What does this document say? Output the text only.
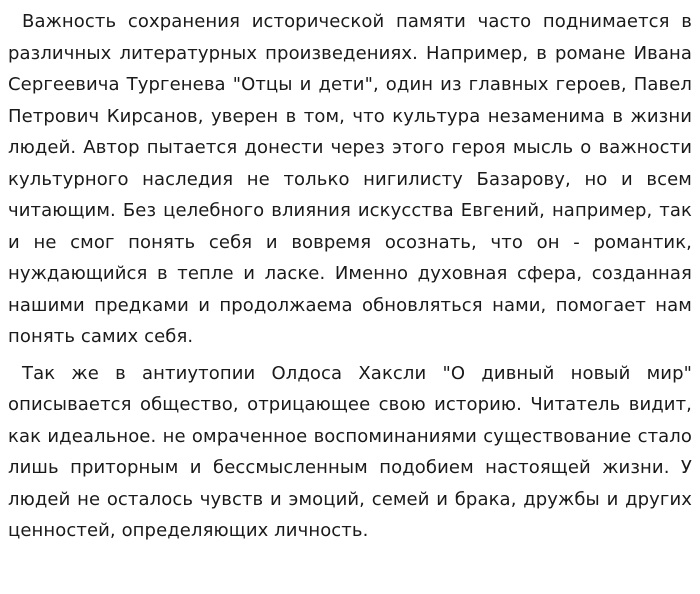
Важность сохранения исторической памяти часто поднимается в различных литературных произведениях. Например, в романе Ивана Сергеевича Тургенева "Отцы и дети", один из главных героев, Павел Петрович Кирсанов, уверен в том, что культура незаменима в жизни людей. Автор пытается донести через этого героя мысль о важности культурного наследия не только нигилисту Базарову, но и всем читающим. Без целебного влияния искусства Евгений, например, так и не смог понять себя и вовремя осознать, что он - романтик, нуждающийся в тепле и ласке. Именно духовная сфера, созданная нашими предками и продолжаема обновляться нами, помогает нам понять самих себя.

Так же в антиутопии Олдоса Хаксли "О дивный новый мир" описывается общество, отрицающее свою историю. Читатель видит, как идеальное. не омраченное воспоминаниями существование стало лишь приторным и бессмысленным подобием настоящей жизни. У людей не осталось чувств и эмоций, семей и брака, дружбы и других ценностей, определяющих личность.
